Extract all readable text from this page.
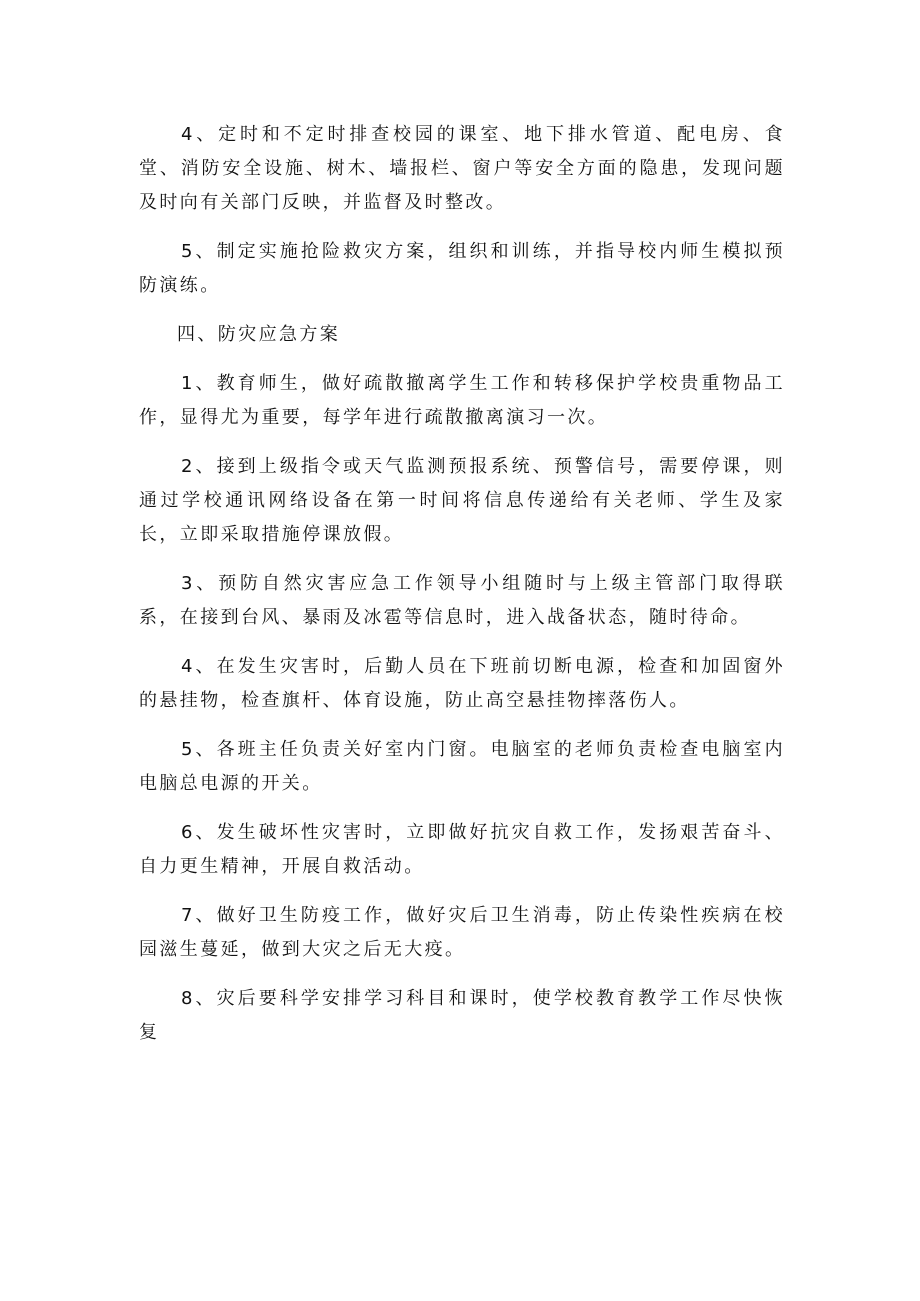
4、定时和不定时排查校园的课室、地下排水管道、配电房、食堂、消防安全设施、树木、墙报栏、窗户等安全方面的隐患，发现问题及时向有关部门反映，并监督及时整改。

5、制定实施抢险救灾方案，组织和训练，并指导校内师生模拟预防演练。

四、防灾应急方案

1、教育师生，做好疏散撤离学生工作和转移保护学校贵重物品工作，显得尤为重要，每学年进行疏散撤离演习一次。

2、接到上级指令或天气监测预报系统、预警信号，需要停课，则通过学校通讯网络设备在第一时间将信息传递给有关老师、学生及家长，立即采取措施停课放假。

3、预防自然灾害应急工作领导小组随时与上级主管部门取得联系，在接到台风、暴雨及冰雹等信息时，进入战备状态，随时待命。

4、在发生灾害时，后勤人员在下班前切断电源，检查和加固窗外的悬挂物，检查旗杆、体育设施，防止高空悬挂物摔落伤人。

5、各班主任负责关好室内门窗。电脑室的老师负责检查电脑室内电脑总电源的开关。

6、发生破坏性灾害时，立即做好抗灾自救工作，发扬艰苦奋斗、自力更生精神，开展自救活动。

7、做好卫生防疫工作，做好灾后卫生消毒，防止传染性疾病在校园滋生蔓延，做到大灾之后无大疫。

8、灾后要科学安排学习科目和课时，使学校教育教学工作尽快恢复
